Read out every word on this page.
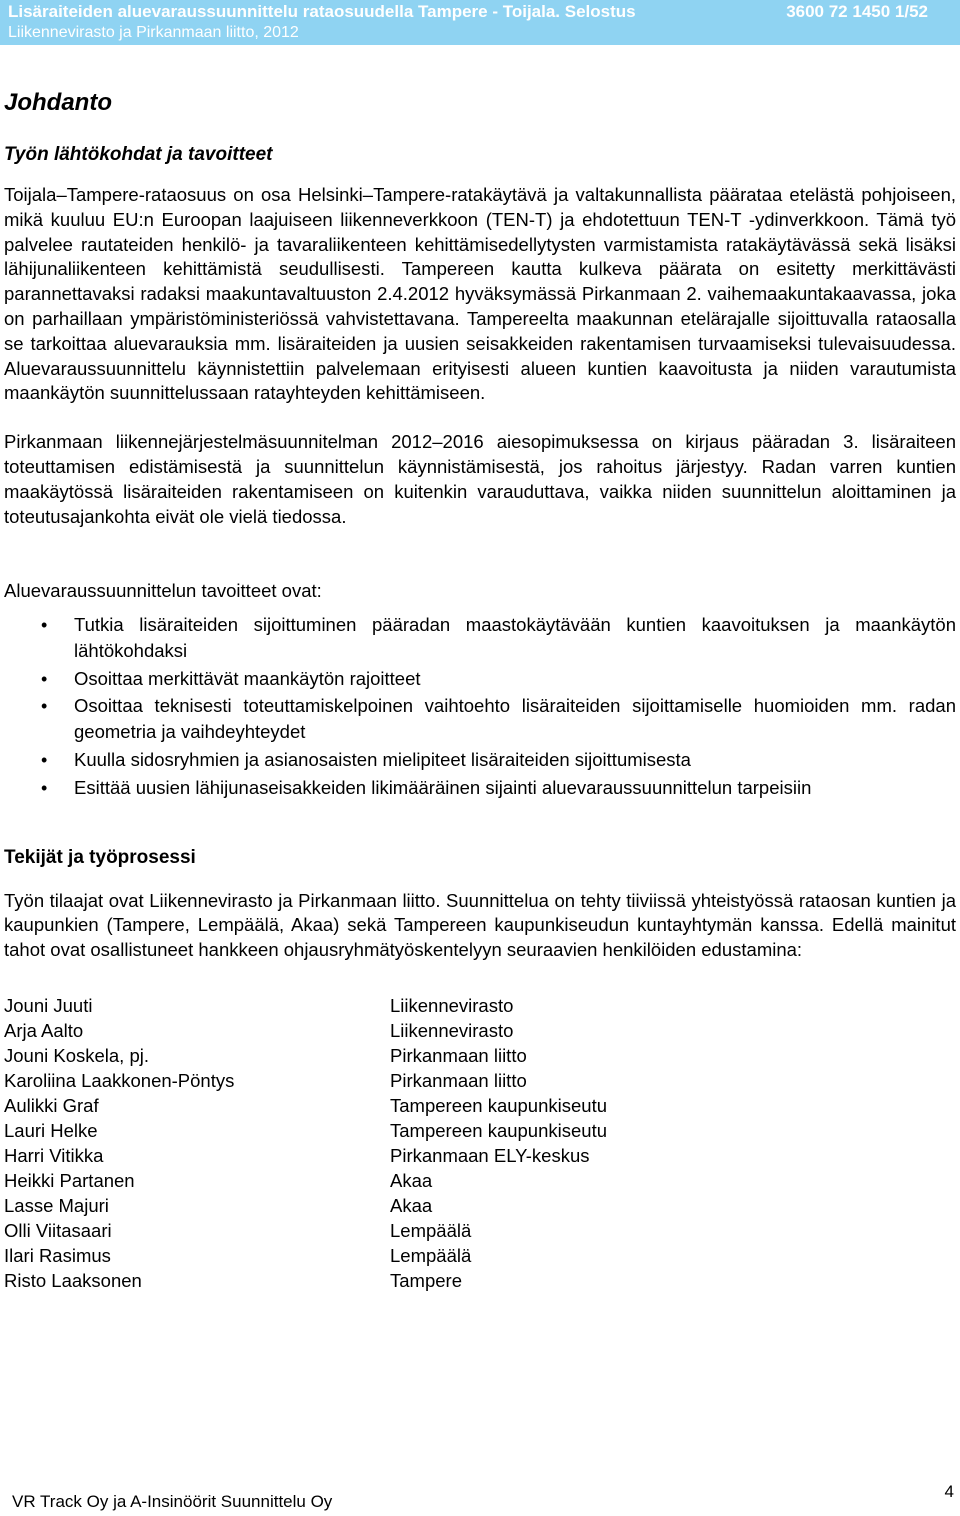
Lisäraiteiden aluevaraussuunnittelu rataosuudella Tampere - Toijala. Selostus	3600 72 1450 1/52
Liikennevirasto ja Pirkanmaan liitto, 2012
Johdanto
Työn lähtökohdat ja tavoitteet

Toijala–Tampere-rataosuus on osa Helsinki–Tampere-ratakäytävä ja valtakunnallista päärataa etelästä pohjoiseen, mikä kuuluu EU:n Euroopan laajuiseen liikenneverkkoon (TEN-T) ja ehdotettuun TEN-T -ydinverkkoon. Tämä työ palvelee rautateiden henkilö- ja tavaraliikenteen kehittämisedellytysten varmistamista ratakäytävässä sekä lisäksi lähijunaliikenteen kehittämistä seudullisesti. Tampereen kautta kulkeva päärata on esitetty merkittävästi parannettavaksi radaksi maakuntavaltuuston 2.4.2012 hyväksymässä Pirkanmaan 2. vaihemaakuntakaavassa, joka on parhaillaan ympäristöministeriössä vahvistettavana. Tampereelta maakunnan etelärajalle sijoittuvalla rataosalla se tarkoittaa aluevarauksia mm. lisäraiteiden ja uusien seisakkeiden rakentamisen turvaamiseksi tulevaisuudessa. Aluevaraussuunnittelu käynnistettiin palvelemaan erityisesti alueen kuntien kaavoitusta ja niiden varautumista maankäytön suunnittelussaan ratayhteyden kehittämiseen.

Pirkanmaan liikennejärjestelmäsuunnitelman 2012–2016 aiesopimuksessa on kirjaus pääradan 3. lisäraiteen toteuttamisen edistämisestä ja suunnittelun käynnistämisestä, jos rahoitus järjestyy. Radan varren kuntien maakäytössä lisäraiteiden rakentamiseen on kuitenkin varauduttava, vaikka niiden suunnittelun aloittaminen ja toteutusajankohta eivät ole vielä tiedossa.

Aluevaraussuunnittelun tavoitteet ovat:

• Tutkia lisäraiteiden sijoittuminen pääradan maastokäytävään kuntien kaavoituksen ja maankäytön lähtökohdaksi
• Osoittaa merkittävät maankäytön rajoitteet
• Osoittaa teknisesti toteuttamiskelpoinen vaihtoehto lisäraiteiden sijoittamiselle huomioiden mm. radan geometria ja vaihdeyhteydet
• Kuulla sidosryhmien ja asianosaisten mielipiteet lisäraiteiden sijoittumisesta
• Esittää uusien lähijunaseisakkeiden likimääräinen sijainti aluevaraussuunnittelun tarpeisiin
Tekijät ja työprosessi

Työn tilaajat ovat Liikennevirasto ja Pirkanmaan liitto. Suunnittelua on tehty tiiviissä yhteistyössä rataosan kuntien ja kaupunkien (Tampere, Lempäälä, Akaa) sekä Tampereen kaupunkiseudun kuntayhtymän kanssa. Edellä mainitut tahot ovat osallistuneet hankkeen ohjausryhmätyöskentelyyn seuraavien henkilöiden edustamina:

Jouni Juuti	Liikennevirasto
Arja Aalto	Liikennevirasto
Jouni Koskela, pj.	Pirkanmaan liitto
Karoliina Laakkonen-Pöntys	Pirkanmaan liitto
Aulikki Graf	Tampereen kaupunkiseutu
Lauri Helke	Tampereen kaupunkiseutu
Harri Vitikka	Pirkanmaan ELY-keskus
Heikki Partanen	Akaa
Lasse Majuri	Akaa
Olli Viitasaari	Lempäälä
Ilari Rasimus	Lempäälä
Risto Laaksonen	Tampere
VR Track Oy ja A-Insinöörit Suunnittelu Oy
4
